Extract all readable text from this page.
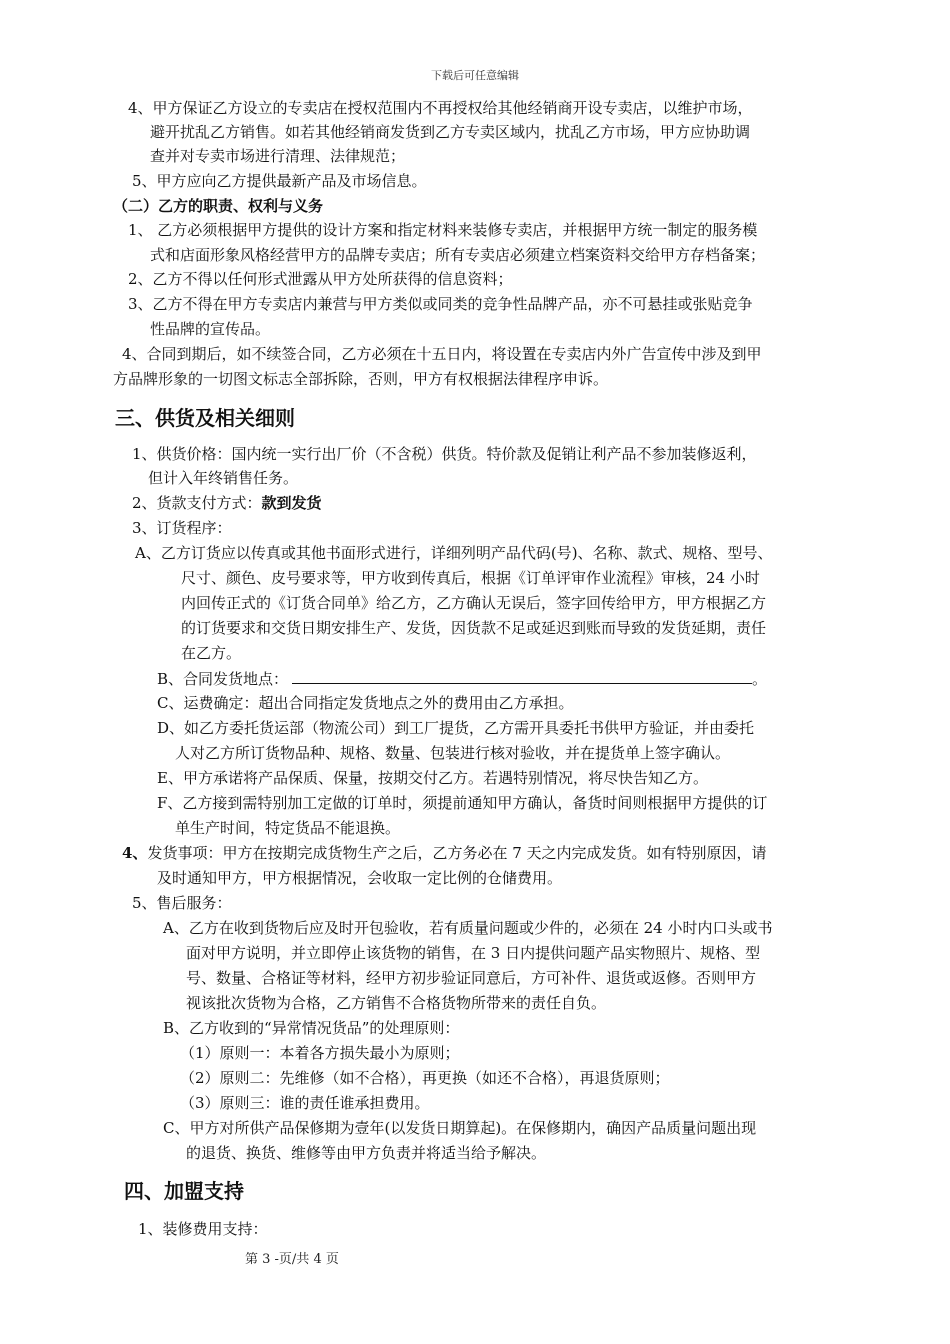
下载后可任意编辑
4、甲方保证乙方设立的专卖店在授权范围内不再授权给其他经销商开设专卖店，以维护市场，
避开扰乱乙方销售。如若其他经销商发货到乙方专卖区域内，扰乱乙方市场，甲方应协助调
查并对专卖市场进行清理、法律规范；
5、甲方应向乙方提供最新产品及市场信息。
（二）乙方的职责、权利与义务
1、 乙方必须根据甲方提供的设计方案和指定材料来装修专卖店，并根据甲方统一制定的服务模
式和店面形象风格经营甲方的品牌专卖店；所有专卖店必须建立档案资料交给甲方存档备案；
2、乙方不得以任何形式泄露从甲方处所获得的信息资料；
3、乙方不得在甲方专卖店内兼营与甲方类似或同类的竞争性品牌产品，亦不可悬挂或张贴竞争
性品牌的宣传品。
4、合同到期后，如不续签合同，乙方必须在十五日内，将设置在专卖店内外广告宣传中涉及到甲
方品牌形象的一切图文标志全部拆除，否则，甲方有权根据法律程序申诉。
三、供货及相关细则
1、供货价格：国内统一实行出厂价（不含税）供货。特价款及促销让利产品不参加装修返利，
但计入年终销售任务。
2、货款支付方式：款到发货
3、订货程序：
A、乙方订货应以传真或其他书面形式进行，详细列明产品代码(号)、名称、款式、规格、型号、
尺寸、颜色、皮号要求等，甲方收到传真后，根据《订单评审作业流程》审核，24 小时
内回传正式的《订货合同单》给乙方，乙方确认无误后，签字回传给甲方，甲方根据乙方
的订货要求和交货日期安排生产、发货，因货款不足或延迟到账而导致的发货延期，责任
在乙方。
B、合同发货地点：	。
C、运费确定：超出合同指定发货地点之外的费用由乙方承担。
D、如乙方委托货运部（物流公司）到工厂提货，乙方需开具委托书供甲方验证，并由委托
人对乙方所订货物品种、规格、数量、包装进行核对验收，并在提货单上签字确认。
E、甲方承诺将产品保质、保量，按期交付乙方。若遇特别情况，将尽快告知乙方。
F、乙方接到需特别加工定做的订单时，须提前通知甲方确认，备货时间则根据甲方提供的订
单生产时间，特定货品不能退换。
4、发货事项：甲方在按期完成货物生产之后，乙方务必在 7 天之内完成发货。如有特别原因，请
及时通知甲方，甲方根据情况，会收取一定比例的仓储费用。
5、售后服务：
A、乙方在收到货物后应及时开包验收，若有质量问题或少件的，必须在 24 小时内口头或书
面对甲方说明，并立即停止该货物的销售，在 3 日内提供问题产品实物照片、规格、型
号、数量、合格证等材料，经甲方初步验证同意后，方可补件、退货或返修。否则甲方
视该批次货物为合格，乙方销售不合格货物所带来的责任自负。
B、乙方收到的“异常情况货品”的处理原则：
（1）原则一：本着各方损失最小为原则；
（2）原则二：先维修（如不合格），再更换（如还不合格），再退货原则；
（3）原则三：谁的责任谁承担费用。
C、甲方对所供产品保修期为壹年(以发货日期算起)。在保修期内，确因产品质量问题出现
的退货、换货、维修等由甲方负责并将适当给予解决。
四、加盟支持
1、装修费用支持：
第 3 -页/共 4 页
